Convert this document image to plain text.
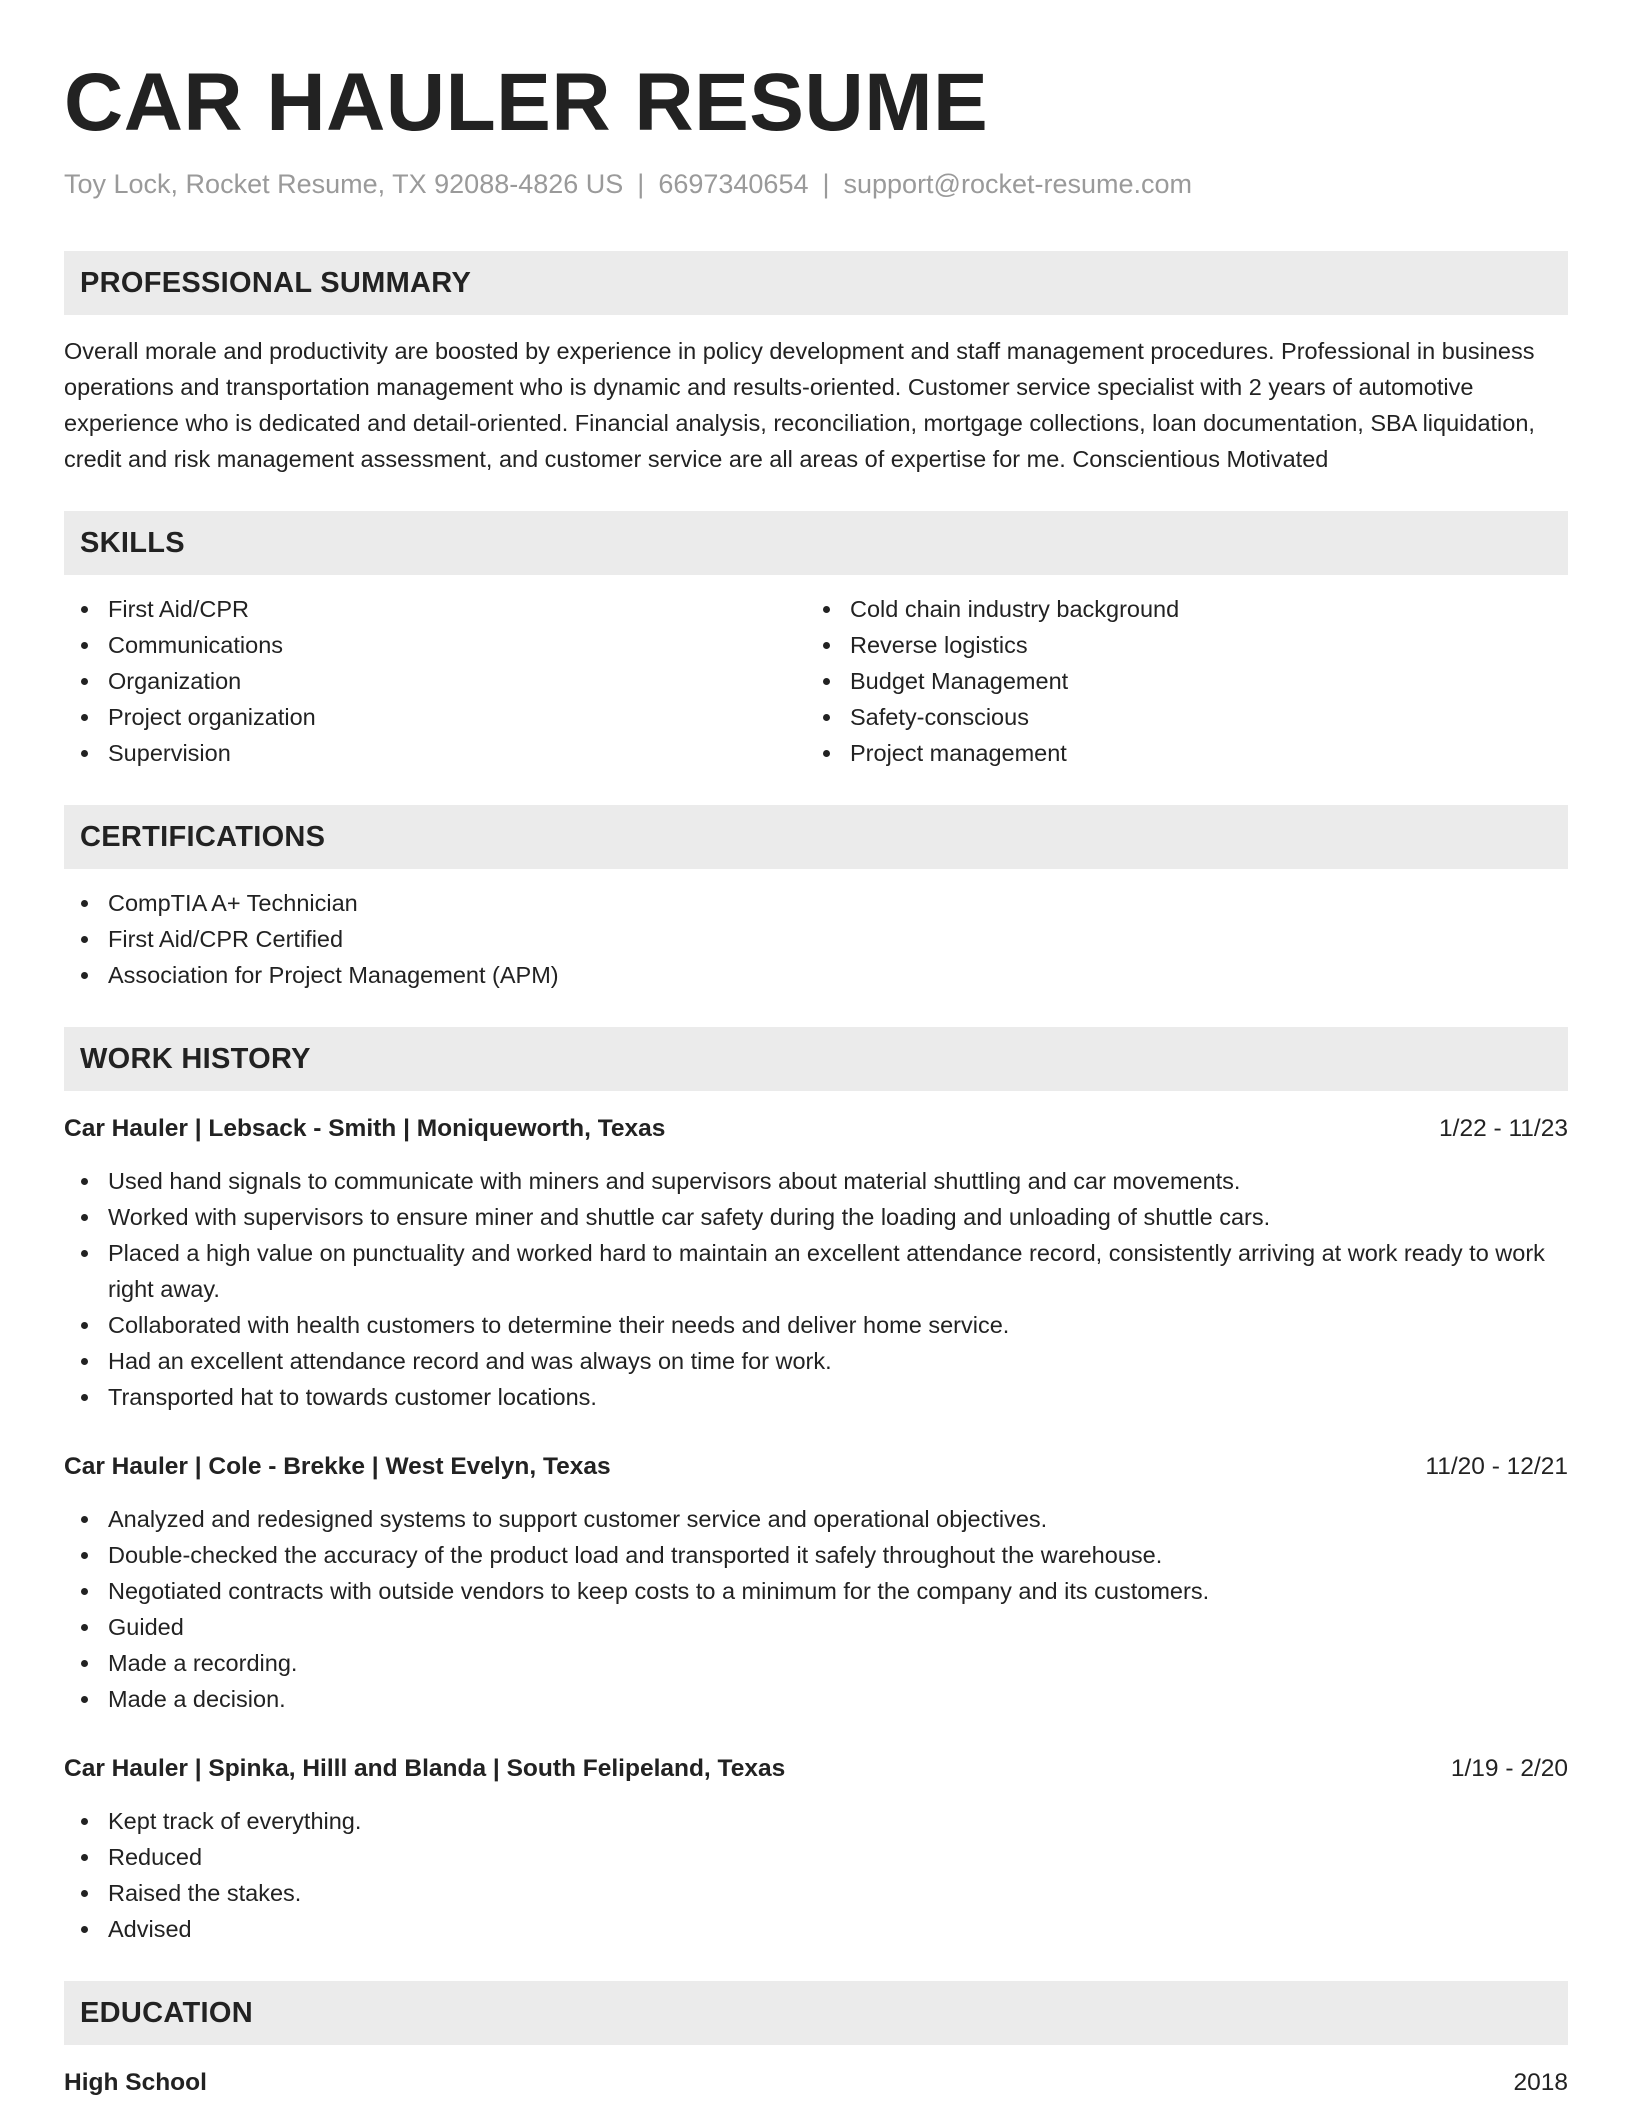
CAR HAULER RESUME
Toy Lock, Rocket Resume, TX 92088-4826 US | 6697340654 | support@rocket-resume.com
PROFESSIONAL SUMMARY
Overall morale and productivity are boosted by experience in policy development and staff management procedures. Professional in business operations and transportation management who is dynamic and results-oriented. Customer service specialist with 2 years of automotive experience who is dedicated and detail-oriented. Financial analysis, reconciliation, mortgage collections, loan documentation, SBA liquidation, credit and risk management assessment, and customer service are all areas of expertise for me. Conscientious Motivated
SKILLS
First Aid/CPR
Communications
Organization
Project organization
Supervision
Cold chain industry background
Reverse logistics
Budget Management
Safety-conscious
Project management
CERTIFICATIONS
CompTIA A+ Technician
First Aid/CPR Certified
Association for Project Management (APM)
WORK HISTORY
Car Hauler | Lebsack - Smith | Moniqueworth, Texas	1/22 - 11/23
Used hand signals to communicate with miners and supervisors about material shuttling and car movements.
Worked with supervisors to ensure miner and shuttle car safety during the loading and unloading of shuttle cars.
Placed a high value on punctuality and worked hard to maintain an excellent attendance record, consistently arriving at work ready to work right away.
Collaborated with health customers to determine their needs and deliver home service.
Had an excellent attendance record and was always on time for work.
Transported hat to towards customer locations.
Car Hauler | Cole - Brekke | West Evelyn, Texas	11/20 - 12/21
Analyzed and redesigned systems to support customer service and operational objectives.
Double-checked the accuracy of the product load and transported it safely throughout the warehouse.
Negotiated contracts with outside vendors to keep costs to a minimum for the company and its customers.
Guided
Made a recording.
Made a decision.
Car Hauler | Spinka, Hilll and Blanda | South Felipeland, Texas	1/19 - 2/20
Kept track of everything.
Reduced
Raised the stakes.
Advised
EDUCATION
High School	2018
